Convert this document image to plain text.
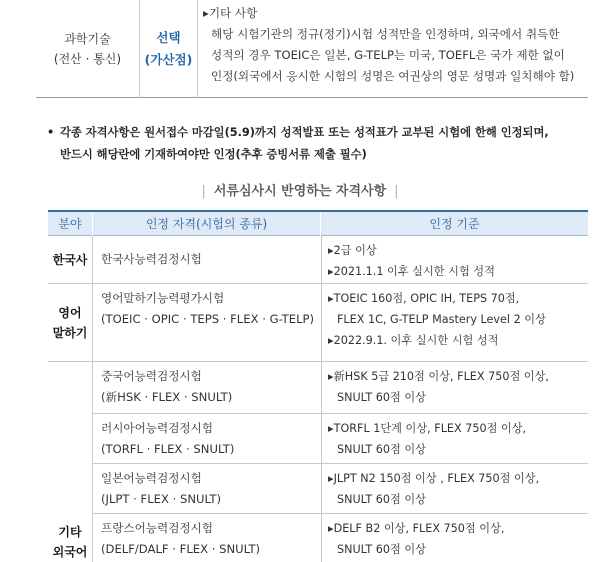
과학기술
(전산 · 통신)
선택
(가산점)
▸기타 사항
해당 시험기관의 정규(정기)시험 성적만을 인정하며, 외국에서 취득한
성적의 경우 TOEIC은 일본, G-TELP는 미국, TOEFL은 국가 제한 없이
인정(외국에서 응시한 시험의 성명은 여권상의 영문 성명과 일치해야 함)
• 각종 자격사항은 원서접수 마감일(5.9)까지 성적발표 또는 성적표가 교부된 시험에 한해 인정되며,
반드시 해당란에 기재하여야만 인정(추후 증빙서류 제출 필수)
| 서류심사시 반영하는 자격사항 |
분야	인정 자격(시험의 종류)	인정 기준
한국사
영어
말하기
기타
외국어
한국사능력검정시험
▸2급 이상
▸2021.1.1 이후 실시한 시험 성적
영어말하기능력평가시험
(TOEIC · OPIC · TEPS · FLEX · G-TELP)
▸TOEIC 160점, OPIC IH, TEPS 70점,
FLEX 1C, G-TELP Mastery Level 2 이상
▸2022.9.1. 이후 실시한 시험 성적
중국어능력검정시험
(新HSK · FLEX · SNULT)
▸新HSK 5급 210점 이상, FLEX 750점 이상,
SNULT 60점 이상
러시아어능력검정시험
(TORFL · FLEX · SNULT)
▸TORFL 1단계 이상, FLEX 750점 이상,
SNULT 60점 이상
일본어능력검정시험
(JLPT · FLEX · SNULT)
▸JLPT N2 150점 이상 , FLEX 750점 이상,
SNULT 60점 이상
프랑스어능력검정시험
(DELF/DALF · FLEX · SNULT)
▸DELF B2 이상, FLEX 750점 이상,
SNULT 60점 이상
